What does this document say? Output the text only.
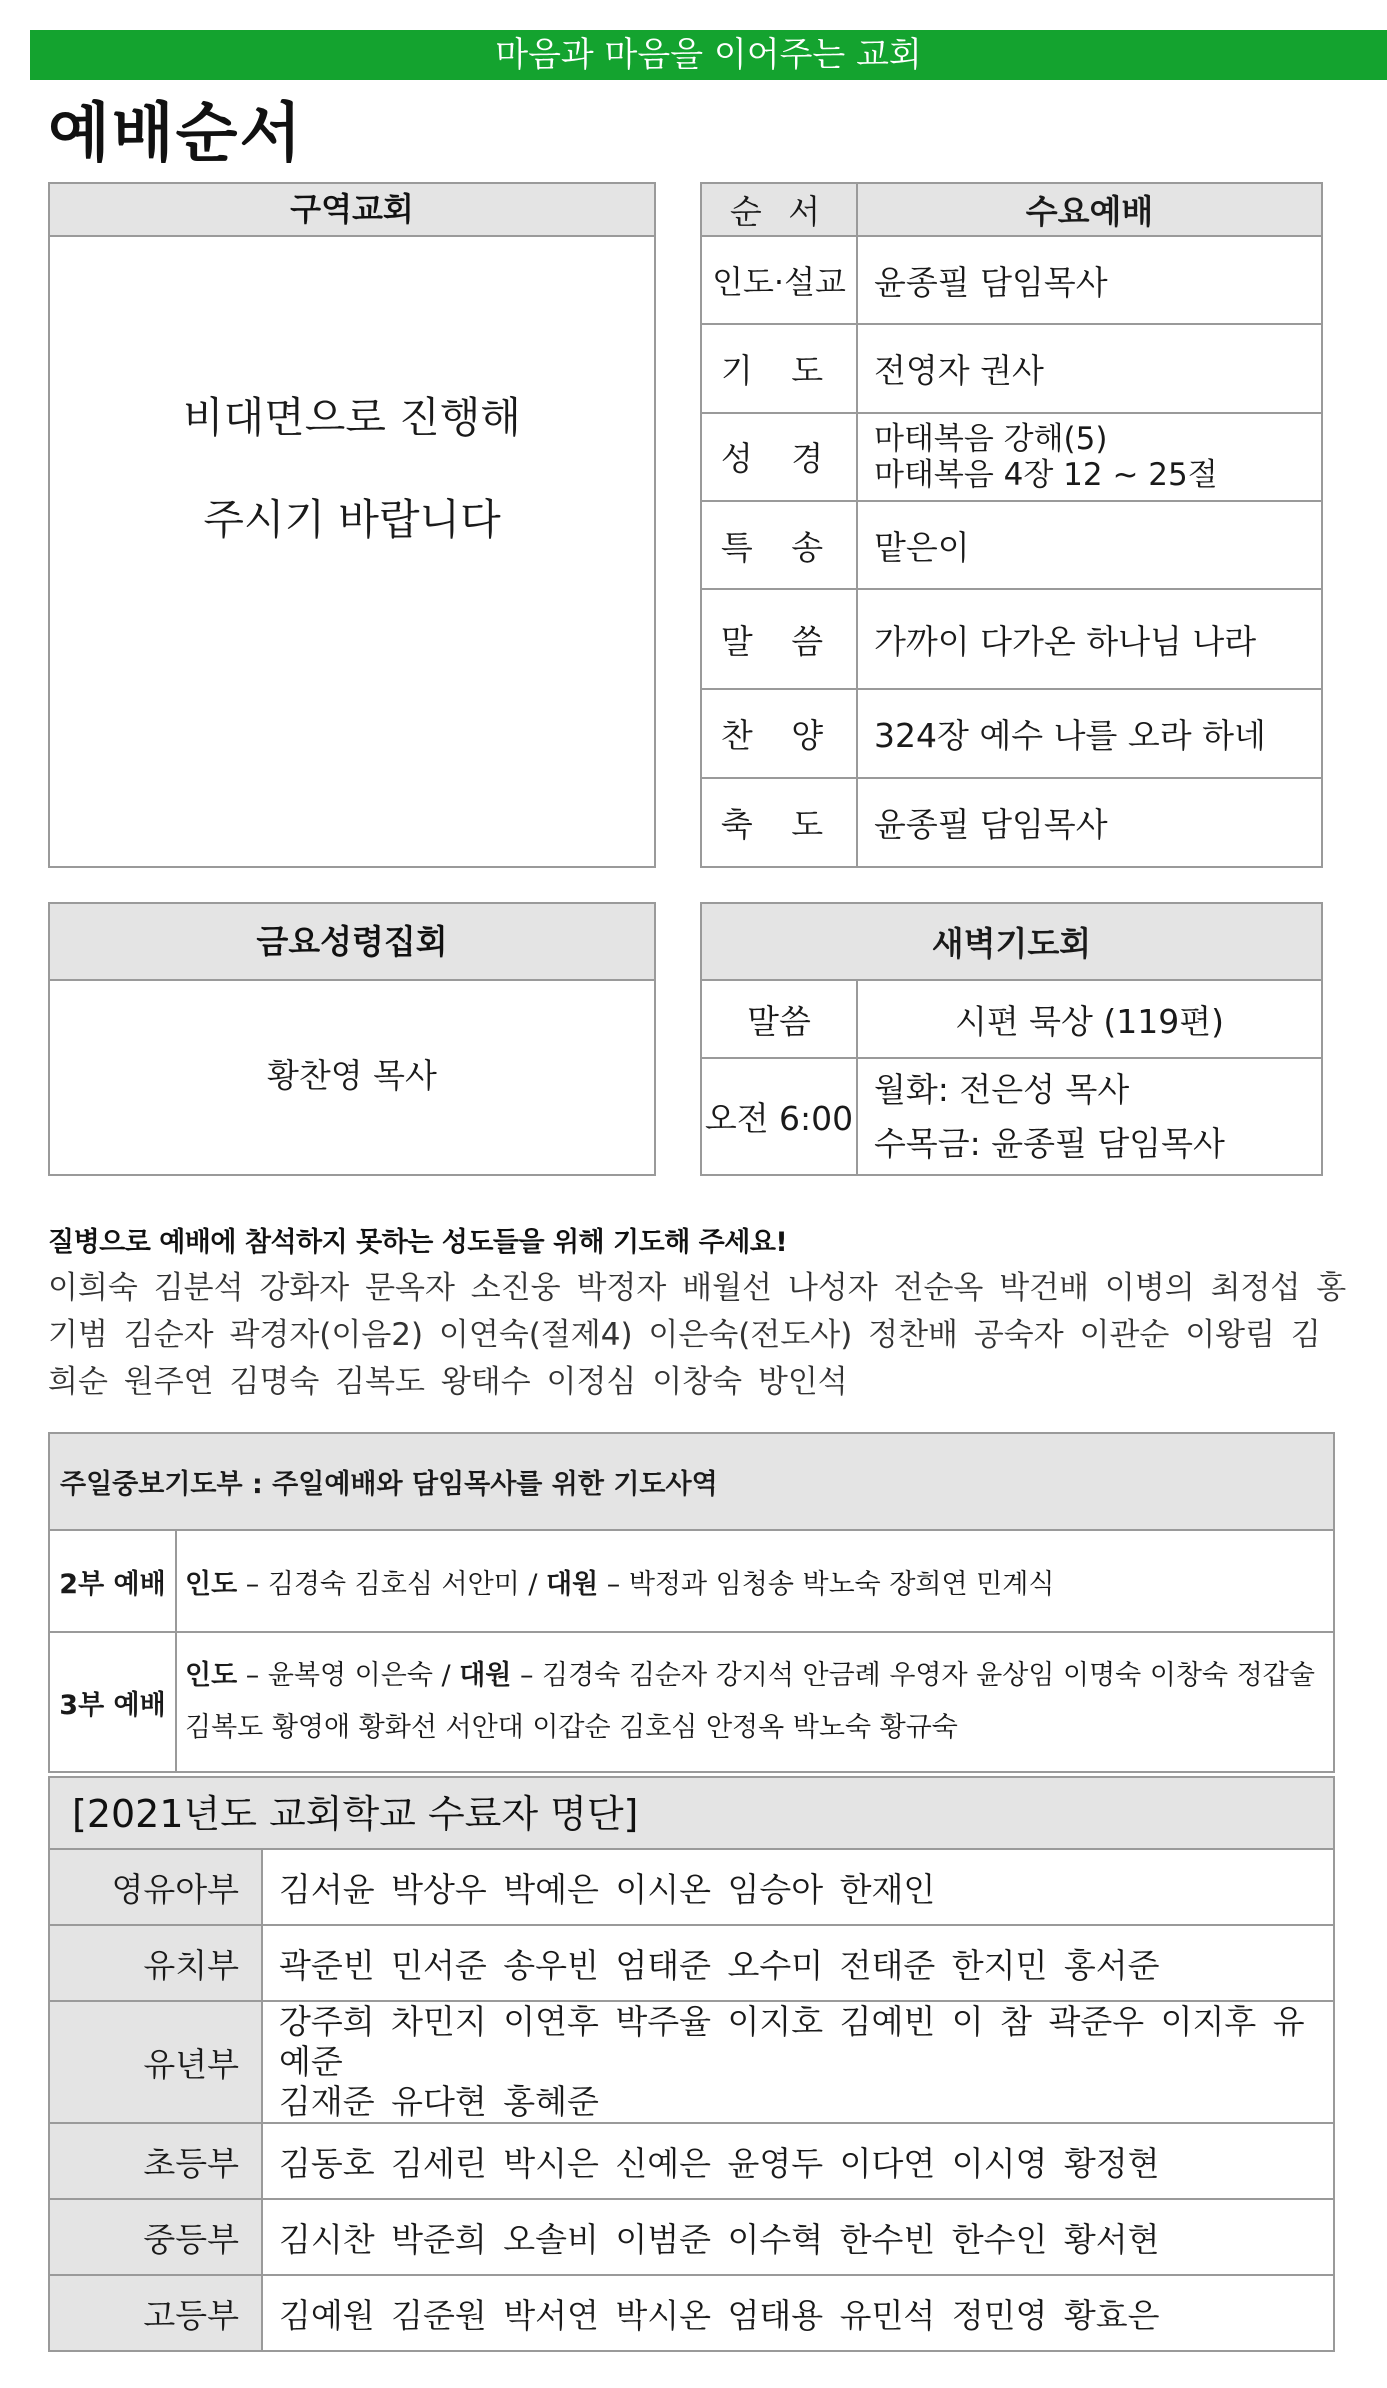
마음과 마음을 이어주는 교회
예배순서
구역교회
비대면으로 진행해
주시기 바랍니다
순 서	수요예배
인도·설교	윤종필 담임목사
기 도	전영자 권사
성 경	마태복음 강해(5)
마태복음 4장 12 ~ 25절

특 송	맡은이
말 씀	가까이 다가온 하나님 나라
찬 양	324장 예수 나를 오라 하네
축 도	윤종필 담임목사
금요성령집회
황찬영 목사
새벽기도회	
말씀	시편 묵상 (119편)
오전 6:00	월화: 전은성 목사
수목금: 윤종필 담임목사
질병으로 예배에 참석하지 못하는 성도들을 위해 기도해 주세요!
이희숙 김분석 강화자 문옥자 소진웅 박정자 배월선 나성자 전순옥 박건배 이병의 최정섭 홍기범 김순자 곽경자(이음2) 이연숙(절제4) 이은숙(전도사) 정찬배 공숙자 이관순 이왕림 김희순 원주연 김명숙 김복도 왕태수 이정심 이창숙 방인석
주일중보기도부 : 주일예배와 담임목사를 위한 기도사역	
2부 예배	인도 – 김경숙 김호심 서안미 / 대원 – 박정과 임청송 박노숙 장희연 민계식
3부 예배	인도 – 윤복영 이은숙 / 대원 – 김경숙 김순자 강지석 안금례 우영자 윤상임 이명숙 이창숙 정갑술
김복도 황영애 황화선 서안대 이갑순 김호심 안정옥 박노숙 황규숙
[2021년도 교회학교 수료자 명단]
영유아부	김서윤 박상우 박예은 이시온 임승아 한재인
유치부	곽준빈 민서준 송우빈 엄태준 오수미 전태준 한지민 홍서준
유년부	강주희 차민지 이연후 박주율 이지호 김예빈 이 참 곽준우 이지후 유예준
김재준 유다현 홍혜준

초등부	김동호 김세린 박시은 신예은 윤영두 이다연 이시영 황정현
중등부	김시찬 박준희 오솔비 이범준 이수혁 한수빈 한수인 황서현
고등부	김예원 김준원 박서연 박시온 엄태용 유민석 정민영 황효은
